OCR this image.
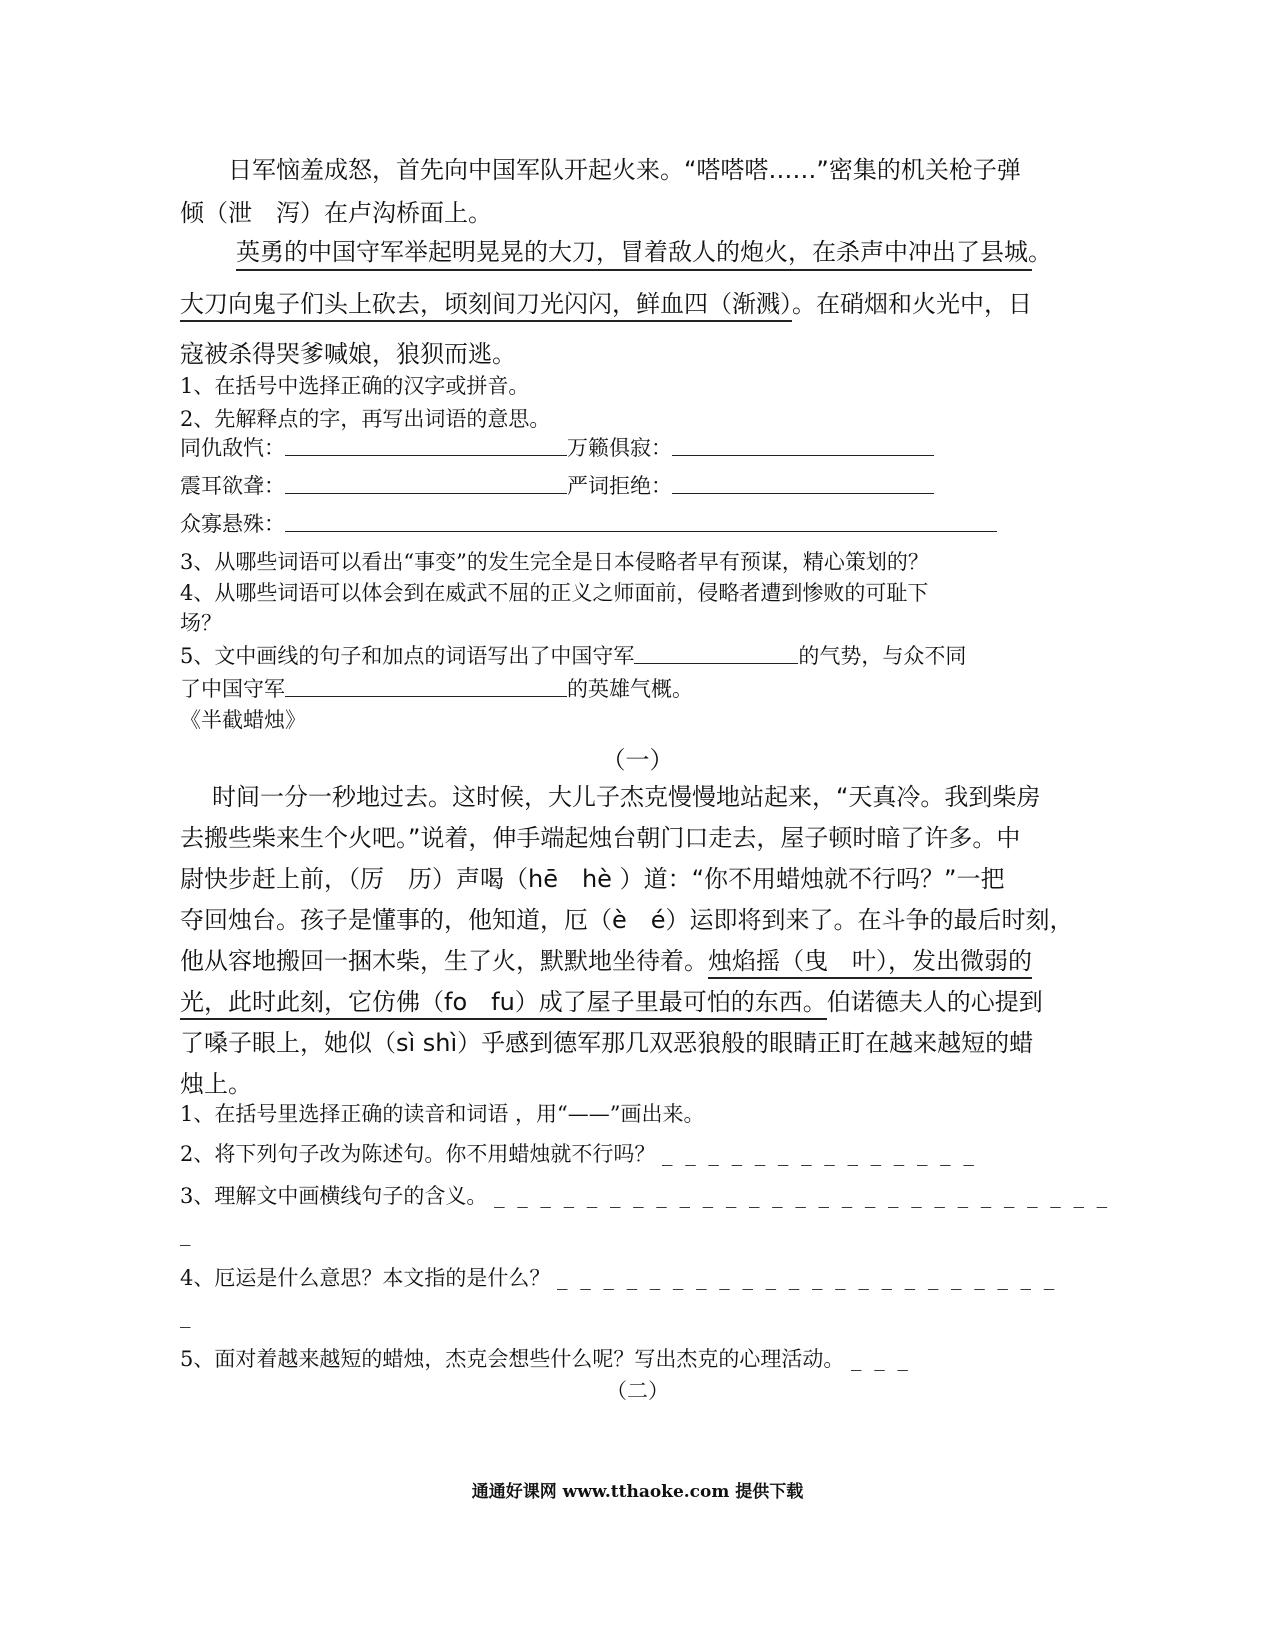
日军恼羞成怒，首先向中国军队开起火来。“嗒嗒嗒……”密集的机关枪子弹
倾（泄　泻）在卢沟桥面上。
英勇的中国守军举起明晃晃的大刀，冒着敌人的炮火，在杀声中冲出了县城。
大刀向鬼子们头上砍去，顷刻间刀光闪闪，鲜血四（渐溅）。在硝烟和火光中，日
寇被杀得哭爹喊娘，狼狈而逃。
1、在括号中选择正确的汉字或拼音。
2、先解释点的字，再写出词语的意思。
同仇敌忾：	万籁俱寂：
震耳欲聋：	严词拒绝：
众寡悬殊：
3、从哪些词语可以看出“事变”的发生完全是日本侵略者早有预谋，精心策划的？
4、从哪些词语可以体会到在威武不屈的正义之师面前，侵略者遭到惨败的可耻下
场？
5、文中画线的句子和加点的词语写出了中国守军	的气势，与众不同
了中国守军	的英雄气概。
《半截蜡烛》
（一）
时间一分一秒地过去。这时候，大儿子杰克慢慢地站起来，“天真冷。我到柴房
去搬些柴来生个火吧。”说着，伸手端起烛台朝门口走去，屋子顿时暗了许多。中
尉快步赶上前，（厉　历）声喝（hē　hè ）道：“你不用蜡烛就不行吗？”一把
夺回烛台。孩子是懂事的，他知道，厄（è　é）运即将到来了。在斗争的最后时刻，
他从容地搬回一捆木柴，生了火，默默地坐待着。烛焰摇（曳　叶），发出微弱的
光，此时此刻，它仿佛（fo　fu）成了屋子里最可怕的东西。伯诺德夫人的心提到
了嗓子眼上，她似（sì shì）乎感到德军那几双恶狼般的眼睛正盯在越来越短的蜡
烛上。
1、在括号里选择正确的读音和词语 ，用“——”画出来。
2、将下列句子改为陈述句。你不用蜡烛就不行吗？ _ _ _ _ _ _ _ _ _ _ _ _ _ _
3、理解文中画横线句子的含义。 _ _ _ _ _ _ _ _ _ _ _ _ _ _ _ _ _ _ _ _ _ _ _ _ _ _ _
_
4、厄运是什么意思？本文指的是什么？ _ _ _ _ _ _ _ _ _ _ _ _ _ _ _ _ _ _ _ _ _ _
_
5、面对着越来越短的蜡烛，杰克会想些什么呢？写出杰克的心理活动。 _ _ _
（二）
通通好课网 www.tthaoke.com 提供下载
